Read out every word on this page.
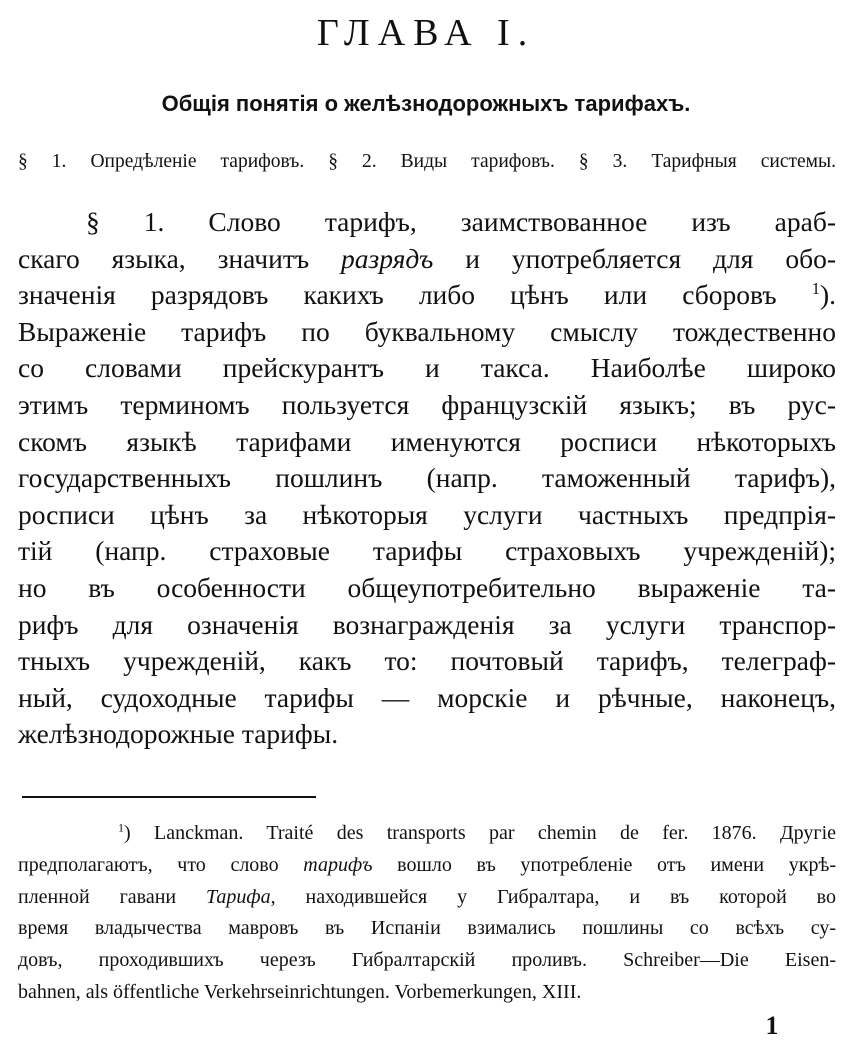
ГЛАВА I.
Общія понятія о желѣзнодорожныхъ тарифахъ.
§ 1. Опредѣленіе тарифовъ. § 2. Виды тарифовъ. § 3. Тарифныя системы.
§ 1. Слово тарифъ, заимствованное изъ араб-
скаго языка, значитъ разрядъ и употребляется для обо-
значенія разрядовъ какихъ либо цѣнъ или сборовъ $^1$).
Выраженіе тарифъ по буквальному смыслу тождественно
со словами прейскурантъ и такса. Наиболѣе широко
этимъ терминомъ пользуется французскій языкъ; въ рус-
скомъ языкѣ тарифами именуются росписи нѣкоторыхъ
государственныхъ пошлинъ (напр. таможенный тарифъ),
росписи цѣнъ за нѣкоторыя услуги частныхъ предпрія-
тій (напр. страховые тарифы страховыхъ учрежденій);
но въ особенности общеупотребительно выраженіе та-
рифъ для означенія вознагражденія за услуги транспор-
тныхъ учрежденій, какъ то: почтовый тарифъ, телеграф-
ный, судоходные тарифы — морскіе и рѣчные, наконецъ,
желѣзнодорожные тарифы.
$^1$) Lanckman. Traité des transports par chemin de fer. 1876. Другіе
предполагаютъ, что слово тарифъ вошло въ употребленіе отъ имени укрѣ-
пленной гавани Тарифа, находившейся у Гибралтара, и въ которой во
время владычества мавровъ въ Испаніи взимались пошлины со всѣхъ су-
довъ, проходившихъ черезъ Гибралтарскій проливъ. Schreiber—Die Eisen-
bahnen, als öffentliche Verkehrseinrichtungen. Vorbemerkungen, XIII.
1
